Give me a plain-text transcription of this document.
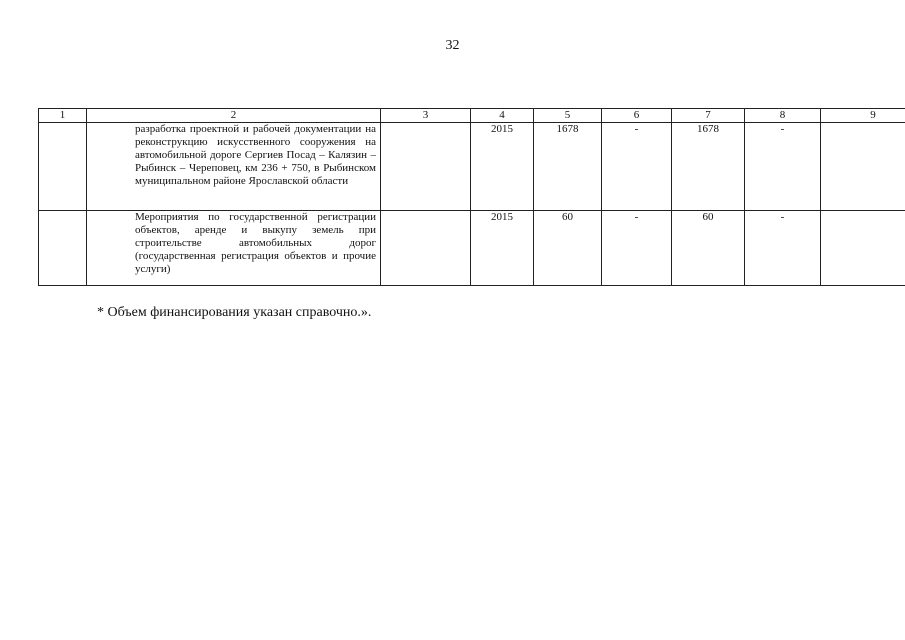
32
1	2	3	4	5	6	7	8	9
	разработка проектной и рабочей документации на реконструкцию искусственного сооружения на автомобильной дороге Сергиев Посад – Калязин – Рыбинск – Череповец, км 236 + 750, в Рыбинском муниципальном районе Ярославской области		2015	1678	-	1678	-	
	Мероприятия по государственной регистрации объектов, аренде и выкупу земель при строительстве автомобильных дорог (государственная регистрация объектов и прочие услуги)		2015	60	-	60	-	
* Объем финансирования указан справочно.».
